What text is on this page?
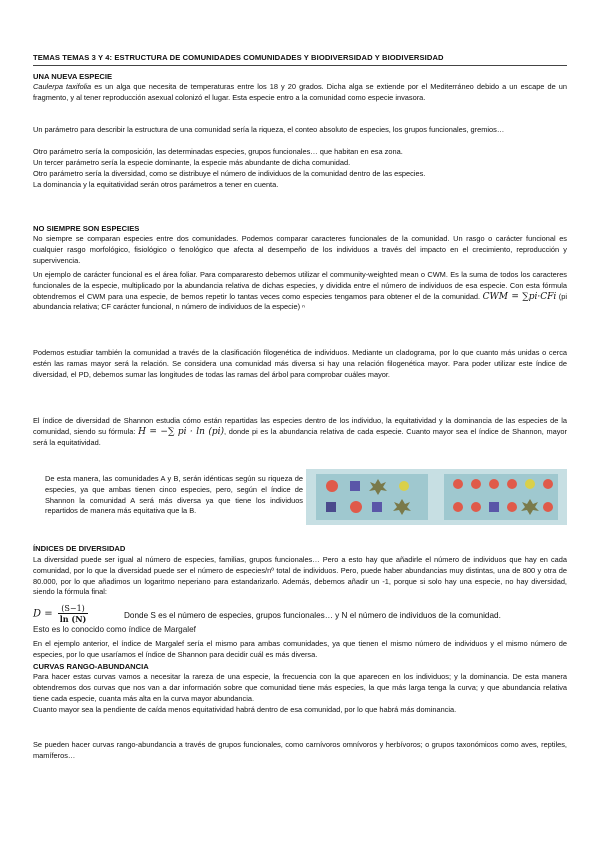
TEMAS TEMAS 3 Y 4: ESTRUCTURA DE COMUNIDADES COMUNIDADES Y BIODIVERSIDAD Y BIODIVERSIDAD
UNA NUEVA ESPECIE
Caulerpa taxifolia es un alga que necesita de temperaturas entre los 18 y 20 grados. Dicha alga se extiende por el Mediterráneo debido a un escape de un fragmento, y al tener reproducción asexual colonizó el lugar. Esta especie entro a la comunidad como especie invasora.
Un parámetro para describir la estructura de una comunidad sería la riqueza, el conteo absoluto de especies, los grupos funcionales, gremios…
Otro parámetro sería la composición, las determinadas especies, grupos funcionales… que habitan en esa zona.
Un tercer parámetro sería la especie dominante, la especie más abundante de dicha comunidad.
Otro parámetro sería la diversidad, como se distribuye el número de individuos de la comunidad dentro de las especies.
La dominancia y la equitatividad serán otros parámetros a tener en cuenta.
NO SIEMPRE SON ESPECIES
No siempre se comparan especies entre dos comunidades. Podemos comparar caracteres funcionales de la comunidad. Un rasgo o carácter funcional es cualquier rasgo morfológico, fisiológico o fenológico que afecta al desempeño de los individuos a través del impacto en el crecimiento, reproducción y supervivencia.
Un ejemplo de carácter funcional es el área foliar. Para compararesto debemos utilizar el community-weighted mean o CWM. Es la suma de todos los caracteres funcionales de la especie, multiplicado por la abundancia relativa de dichas especies, y dividida entre el número de individuos de esa especie. Con esta fórmula obtendremos el CWM para una especie, de bemos repetir lo tantas veces como especies tengamos para obtener el de la comunidad. CWM = ∑pi·CFi (pi abundancia relativa; CF carácter funcional, n número de individuos de la especie) ⁿ
Podemos estudiar también la comunidad a través de la clasificación filogenética de individuos. Mediante un cladograma, por lo que cuanto más unidas o cerca estén las ramas mayor será la relación. Se considera una comunidad más diversa si hay una relación filogenética mayor. Para poder utilizar este índice de diversidad, el PD, debemos sumar las longitudes de todas las ramas del árbol para comprobar cuáles mayor.
El índice de diversidad de Shannon estudia cómo están repartidas las especies dentro de los individuo, la equitatividad y la dominancia de las especies de la comunidad, siendo su fórmula: H = −∑ pi · ln (pi), donde pi es la abundancia relativa de cada especie. Cuanto mayor sea el índice de Shannon, mayor será la equitatividad.
De esta manera, las comunidades A y B, serán idénticas según su riqueza de especies, ya que ambas tienen cinco especies, pero, según el índice de Shannon la comunidad A será más diversa ya que tiene los individuos repartidos de manera más equitativa que la B.
ÍNDICES DE DIVERSIDAD
La diversidad puede ser igual al número de especies, familias, grupos funcionales… Pero a esto hay que añadirle el número de individuos que hay en cada comunidad, por lo que la diversidad puede ser el número de especies/nº total de individuos. Pero, puede haber abundancias muy distintas, una de 800 y otra de 80.000, por lo que añadimos un logaritmo neperiano para estandarizarlo. Además, debemos añadir un -1, porque si solo hay una especie, no hay diversidad, siendo la fórmula final:
$D = \frac{(S-1)}{\ln (N)}$	Donde S es el número de especies, grupos funcionales… y N el número de individuos de la comunidad.
Esto es lo conocido como índice de Margalef
En el ejemplo anterior, el índice de Margalef sería el mismo para ambas comunidades, ya que tienen el mismo número de individuos y el mismo número de especies, por lo que usaríamos el índice de Shannon para decidir cuál es más diversa.
CURVAS RANGO-ABUNDANCIA
Para hacer estas curvas vamos a necesitar la rareza de una especie, la frecuencia con la que aparecen en los individuos; y la dominancia. De esta manera obtendremos dos curvas que nos van a dar información sobre que comunidad tiene más especies, la que más larga tenga la curva; y que abundancia relativa tiene cada especie, cuanta más alta en la curva mayor abundancia.
Cuanto mayor sea la pendiente de caída menos equitatividad habrá dentro de esa comunidad, por lo que habrá más dominancia.
Se pueden hacer curvas rango-abundancia a través de grupos funcionales, como carnívoros omnívoros y herbívoros; o grupos taxonómicos como aves, reptiles, mamíferos…
